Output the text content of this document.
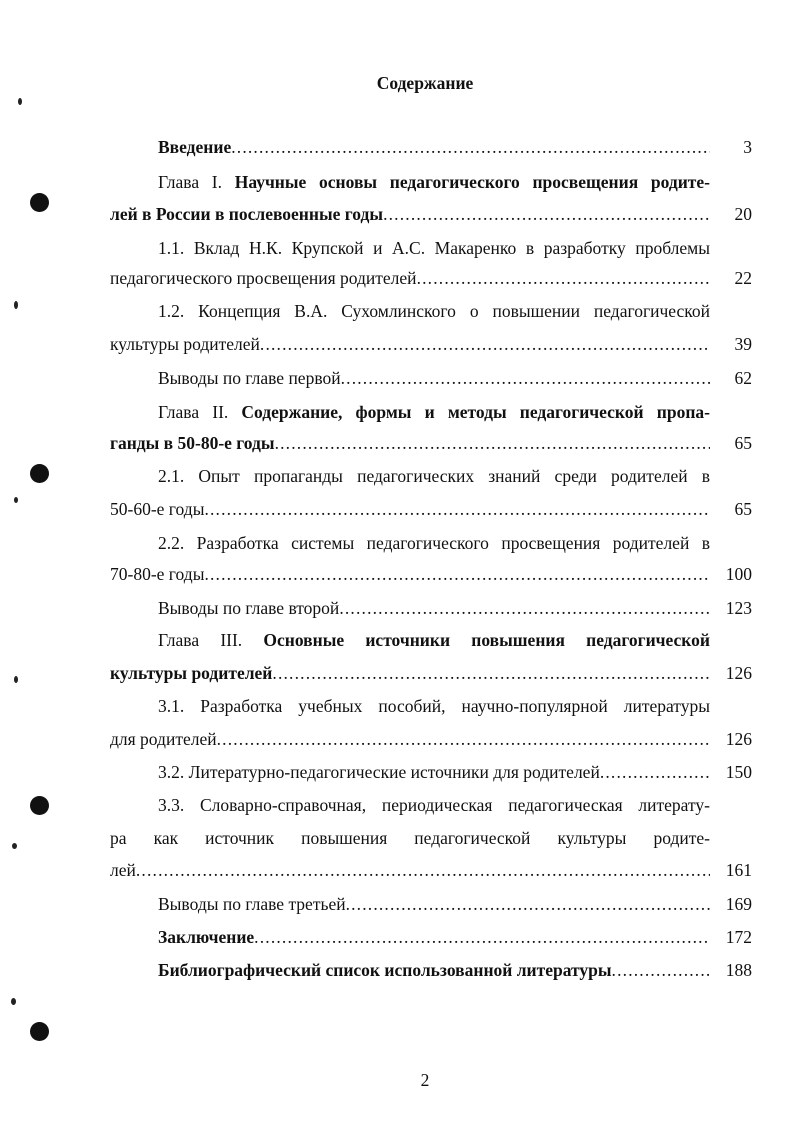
Содержание
Введение . . .	3
Глава I. Научные основы педагогического просвещения родите-
лей в России в послевоенные годы . . .	20
1.1. Вклад Н.К. Крупской и А.С. Макаренко в разработку проблемы
педагогического просвещения родителей . . .	22
1.2. Концепция В.А. Сухомлинского о повышении педагогической
культуры родителей . . .	39
Выводы по главе первой . . .	62
Глава II. Содержание, формы и методы педагогической пропа-
ганды в 50-80-е годы . . .	65
2.1. Опыт пропаганды педагогических знаний среди родителей в
50-60-е годы . . .	65
2.2. Разработка системы педагогического просвещения родителей в
70-80-е годы . . .	100
Выводы по главе второй . . .	123
Глава III. Основные источники повышения педагогической
культуры родителей . . .	126
3.1. Разработка учебных пособий, научно-популярной литературы
для родителей . . .	126
3.2. Литературно-педагогические источники для родителей . . .	150
3.3. Словарно-справочная, периодическая педагогическая литерату-
ра как источник повышения педагогической культуры родите-
лей . . .	161
Выводы по главе третьей . . .	169
Заключение . . .	172
Библиографический список использованной литературы . . .	188
2
